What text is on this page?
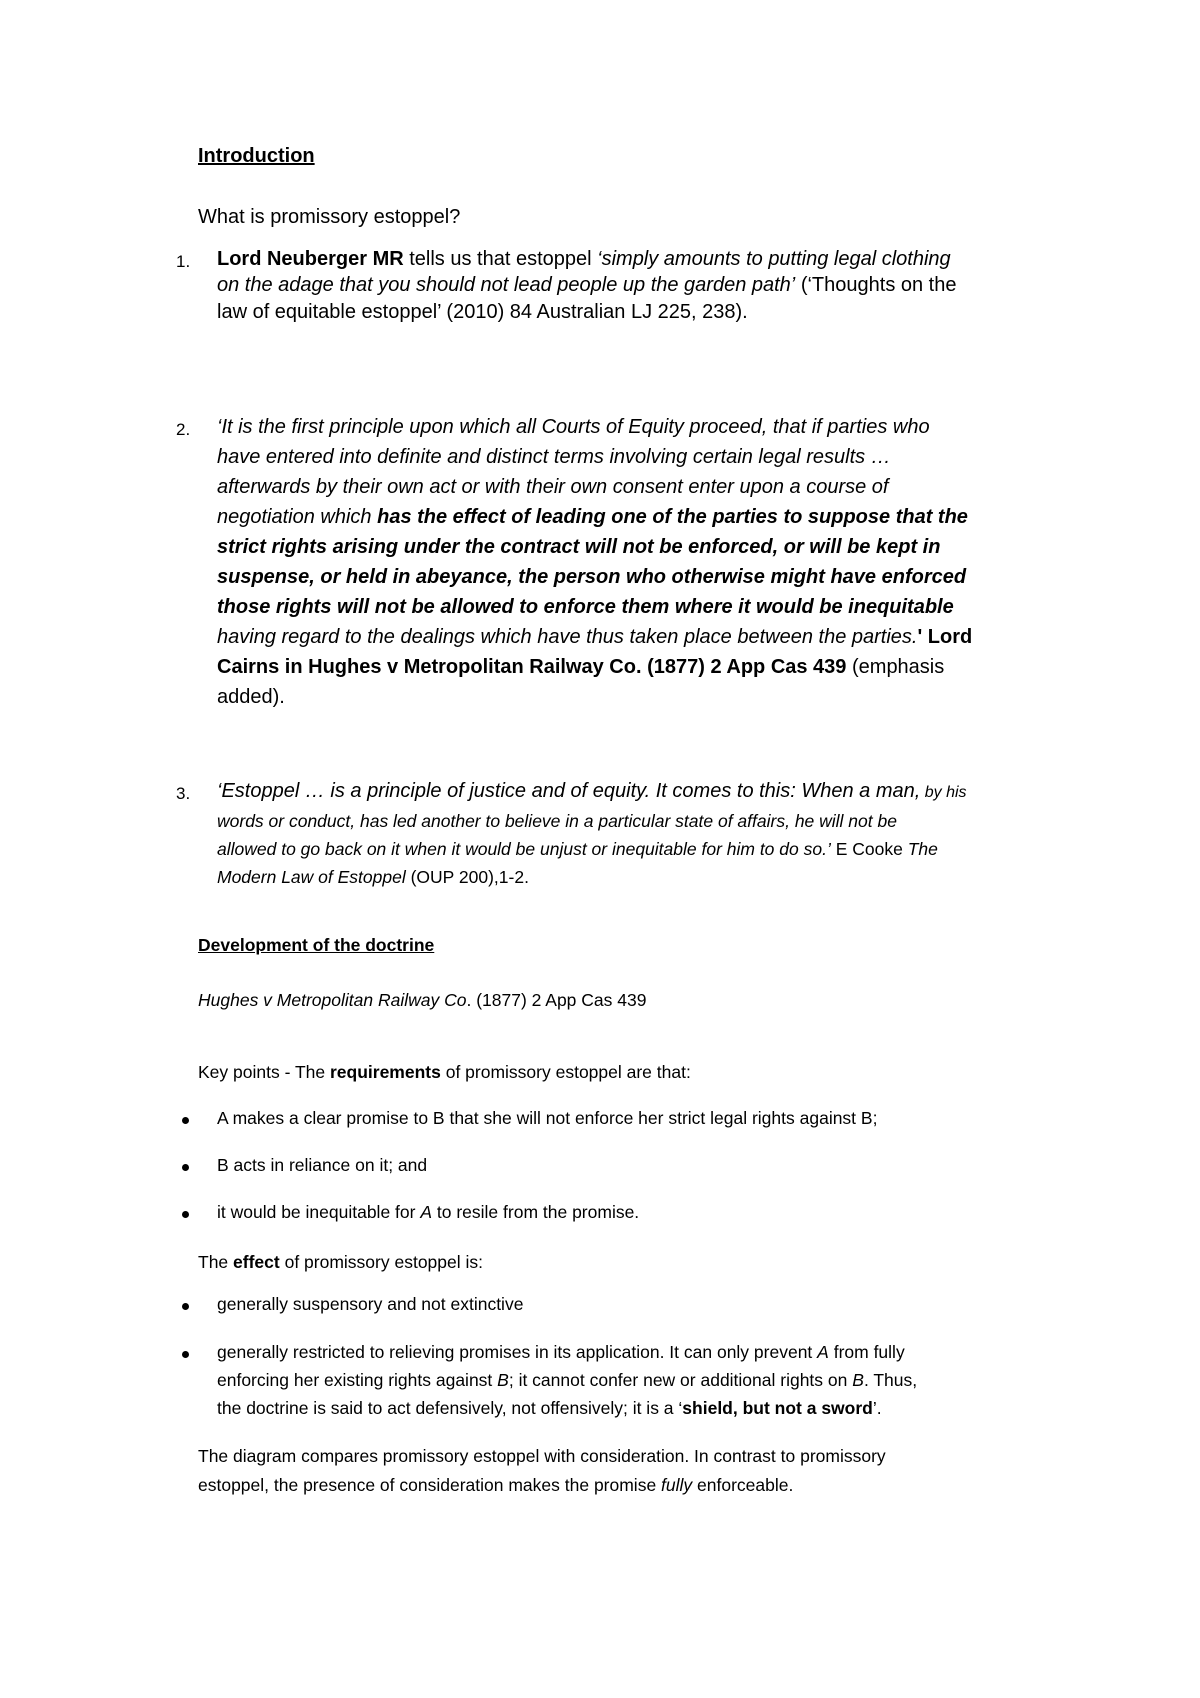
Introduction
What is promissory estoppel?
1. Lord Neuberger MR tells us that estoppel ‘simply amounts to putting legal clothing
on the adage that you should not lead people up the garden path’ (‘Thoughts on the
law of equitable estoppel’ (2010) 84 Australian LJ 225, 238).
2. ‘It is the first principle upon which all Courts of Equity proceed, that if parties who
have entered into definite and distinct terms involving certain legal results …
afterwards by their own act or with their own consent enter upon a course of
negotiation which has the effect of leading one of the parties to suppose that the
strict rights arising under the contract will not be enforced, or will be kept in
suspense, or held in abeyance, the person who otherwise might have enforced
those rights will not be allowed to enforce them where it would be inequitable
having regard to the dealings which have thus taken place between the parties.' Lord
Cairns in Hughes v Metropolitan Railway Co. (1877) 2 App Cas 439 (emphasis
added).
3. ‘Estoppel … is a principle of justice and of equity. It comes to this: When a man, by his
words or conduct, has led another to believe in a particular state of affairs, he will not be
allowed to go back on it when it would be unjust or inequitable for him to do so.’ E Cooke The
Modern Law of Estoppel (OUP 200),1-2.
Development of the doctrine
Hughes v Metropolitan Railway Co. (1877) 2 App Cas 439
Key points - The requirements of promissory estoppel are that:
A makes a clear promise to B that she will not enforce her strict legal rights against B;
B acts in reliance on it; and
it would be inequitable for A to resile from the promise.
The effect of promissory estoppel is:
generally suspensory and not extinctive
generally restricted to relieving promises in its application. It can only prevent A from fully
enforcing her existing rights against B; it cannot confer new or additional rights on B. Thus,
the doctrine is said to act defensively, not offensively; it is a ‘shield, but not a sword’.
The diagram compares promissory estoppel with consideration. In contrast to promissory
estoppel, the presence of consideration makes the promise fully enforceable.
